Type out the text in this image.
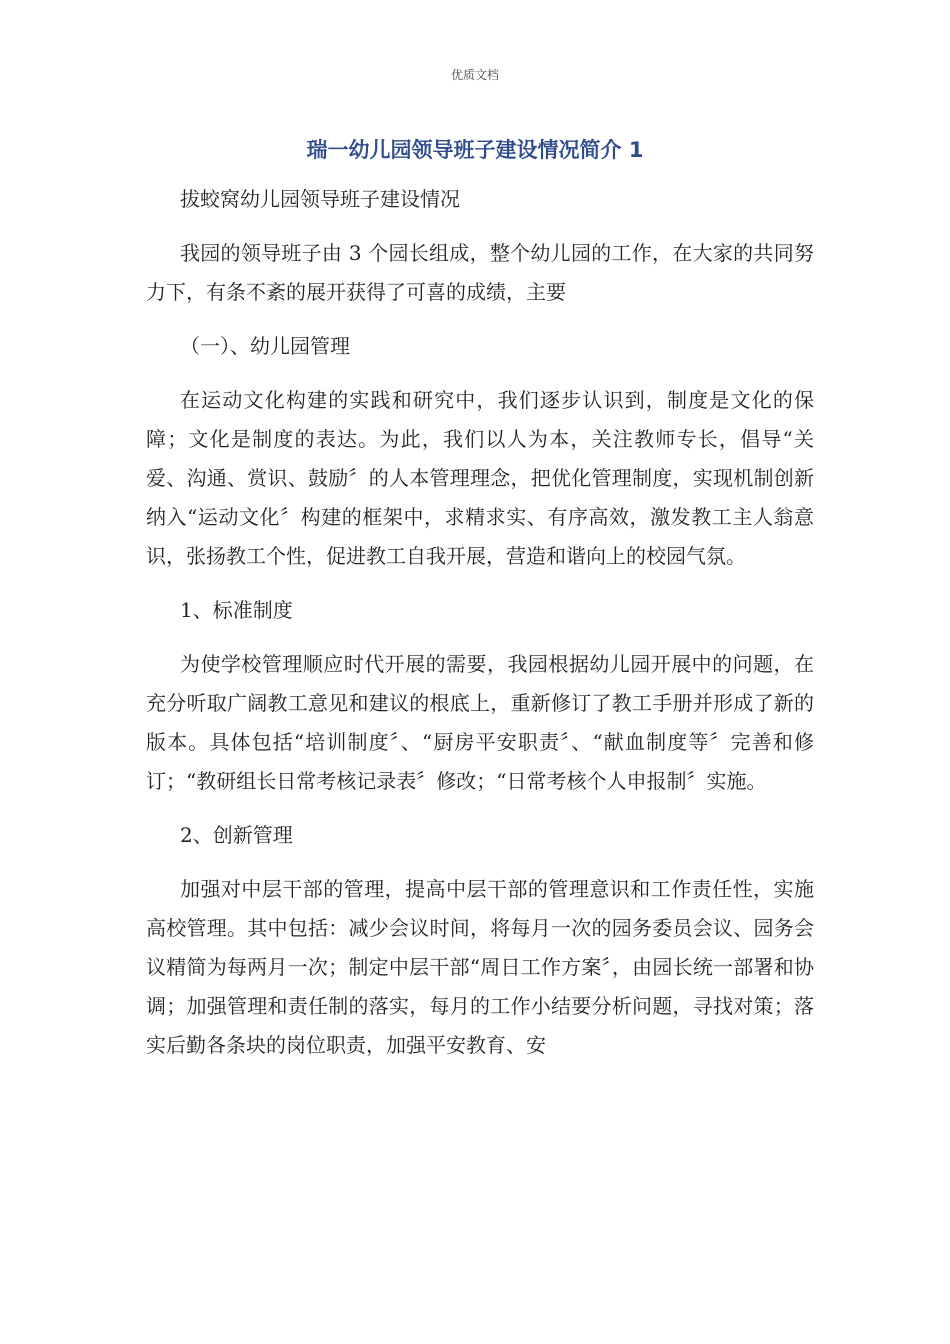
优质文档
瑞一幼儿园领导班子建设情况简介 1

拔蛟窝幼儿园领导班子建设情况

我园的领导班子由 3 个园长组成，整个幼儿园的工作，在大家的共同努力下，有条不紊的展开获得了可喜的成绩，主要

（一）、幼儿园管理

在运动文化构建的实践和研究中，我们逐步认识到，制度是文化的保障；文化是制度的表达。为此，我们以人为本，关注教师专长，倡导“关爱、沟通、赏识、鼓励〞的人本管理理念，把优化管理制度，实现机制创新纳入“运动文化〞构建的框架中，求精求实、有序高效，激发教工主人翁意识，张扬教工个性，促进教工自我开展，营造和谐向上的校园气氛。

1、标准制度

为使学校管理顺应时代开展的需要，我园根据幼儿园开展中的问题，在充分听取广阔教工意见和建议的根底上，重新修订了教工手册并形成了新的版本。具体包括“培训制度〞、“厨房平安职责〞、“献血制度等〞完善和修订；“教研组长日常考核记录表〞修改；“日常考核个人申报制〞实施。

2、创新管理

加强对中层干部的管理，提高中层干部的管理意识和工作责任性，实施高校管理。其中包括：减少会议时间，将每月一次的园务委员会议、园务会议精简为每两月一次；制定中层干部“周日工作方案〞，由园长统一部署和协调；加强管理和责任制的落实，每月的工作小结要分析问题，寻找对策；落实后勤各条块的岗位职责，加强平安教育、安
